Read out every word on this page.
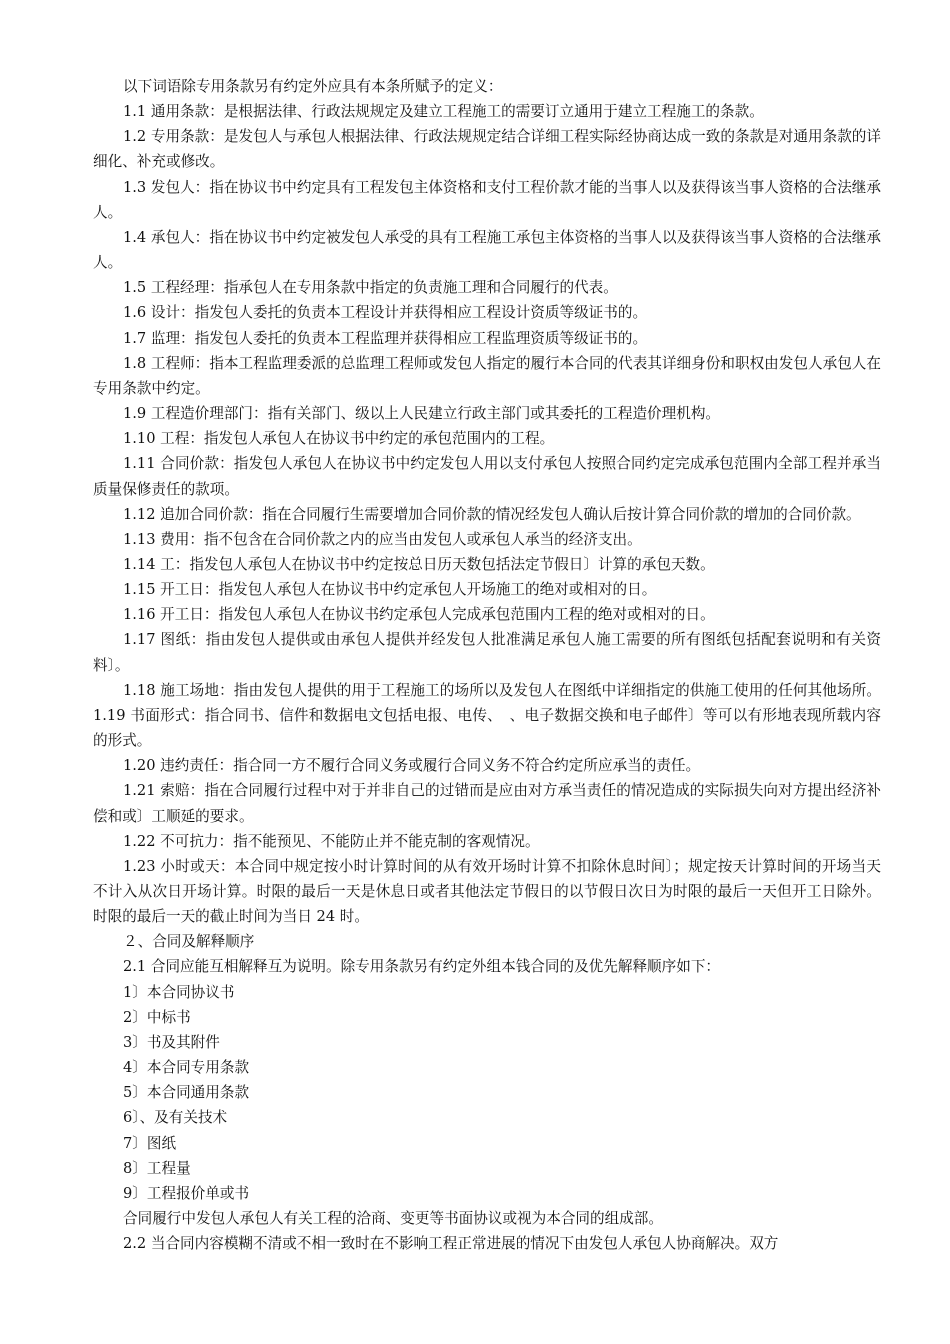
以下词语除专用条款另有约定外应具有本条所赋予的定义：

1.1 通用条款：是根据法律、行政法规规定及建立工程施工的需要订立通用于建立工程施工的条款。

1.2 专用条款：是发包人与承包人根据法律、行政法规规定结合详细工程实际经协商达成一致的条款是对通用条款的详细化、补充或修改。

1.3 发包人：指在协议书中约定具有工程发包主体资格和支付工程价款才能的当事人以及获得该当事人资格的合法继承人。

1.4 承包人：指在协议书中约定被发包人承受的具有工程施工承包主体资格的当事人以及获得该当事人资格的合法继承人。

1.5 工程经理：指承包人在专用条款中指定的负责施工理和合同履行的代表。

1.6 设计：指发包人委托的负责本工程设计并获得相应工程设计资质等级证书的。

1.7 监理：指发包人委托的负责本工程监理并获得相应工程监理资质等级证书的。

1.8 工程师：指本工程监理委派的总监理工程师或发包人指定的履行本合同的代表其详细身份和职权由发包人承包人在专用条款中约定。

1.9 工程造价理部门：指有关部门、级以上人民建立行政主部门或其委托的工程造价理机构。

1.10 工程：指发包人承包人在协议书中约定的承包范围内的工程。

1.11 合同价款：指发包人承包人在协议书中约定发包人用以支付承包人按照合同约定完成承包范围内全部工程并承当质量保修责任的款项。

1.12 追加合同价款：指在合同履行生需要增加合同价款的情况经发包人确认后按计算合同价款的增加的合同价款。

1.13 费用：指不包含在合同价款之内的应当由发包人或承包人承当的经济支出。

1.14 工：指发包人承包人在协议书中约定按总日历天数包括法定节假日〕计算的承包天数。

1.15 开工日：指发包人承包人在协议书中约定承包人开场施工的绝对或相对的日。

1.16 开工日：指发包人承包人在协议书约定承包人完成承包范围内工程的绝对或相对的日。

1.17 图纸：指由发包人提供或由承包人提供并经发包人批准满足承包人施工需要的所有图纸包括配套说明和有关资料〕。

1.18 施工场地：指由发包人提供的用于工程施工的场所以及发包人在图纸中详细指定的供施工使用的任何其他场所。1.19 书面形式：指合同书、信件和数据电文包括电报、电传、　、电子数据交换和电子邮件〕等可以有形地表现所载内容的形式。

1.20 违约责任：指合同一方不履行合同义务或履行合同义务不符合约定所应承当的责任。

1.21 索赔：指在合同履行过程中对于并非自己的过错而是应由对方承当责任的情况造成的实际损失向对方提出经济补偿和或〕工顺延的要求。

1.22 不可抗力：指不能预见、不能防止并不能克制的客观情况。

1.23 小时或天：本合同中规定按小时计算时间的从有效开场时计算不扣除休息时间〕；规定按天计算时间的开场当天不计入从次日开场计算。时限的最后一天是休息日或者其他法定节假日的以节假日次日为时限的最后一天但开工日除外。时限的最后一天的截止时间为当日 24 时。

２、合同及解释顺序

2.1 合同应能互相解释互为说明。除专用条款另有约定外组本钱合同的及优先解释顺序如下：

1〕本合同协议书

2〕中标书

3〕书及其附件

4〕本合同专用条款

5〕本合同通用条款

6〕、及有关技术

7〕图纸

8〕工程量

9〕工程报价单或书

合同履行中发包人承包人有关工程的洽商、变更等书面协议或视为本合同的组成部。

2.2 当合同内容模糊不清或不相一致时在不影响工程正常进展的情况下由发包人承包人协商解决。双方
